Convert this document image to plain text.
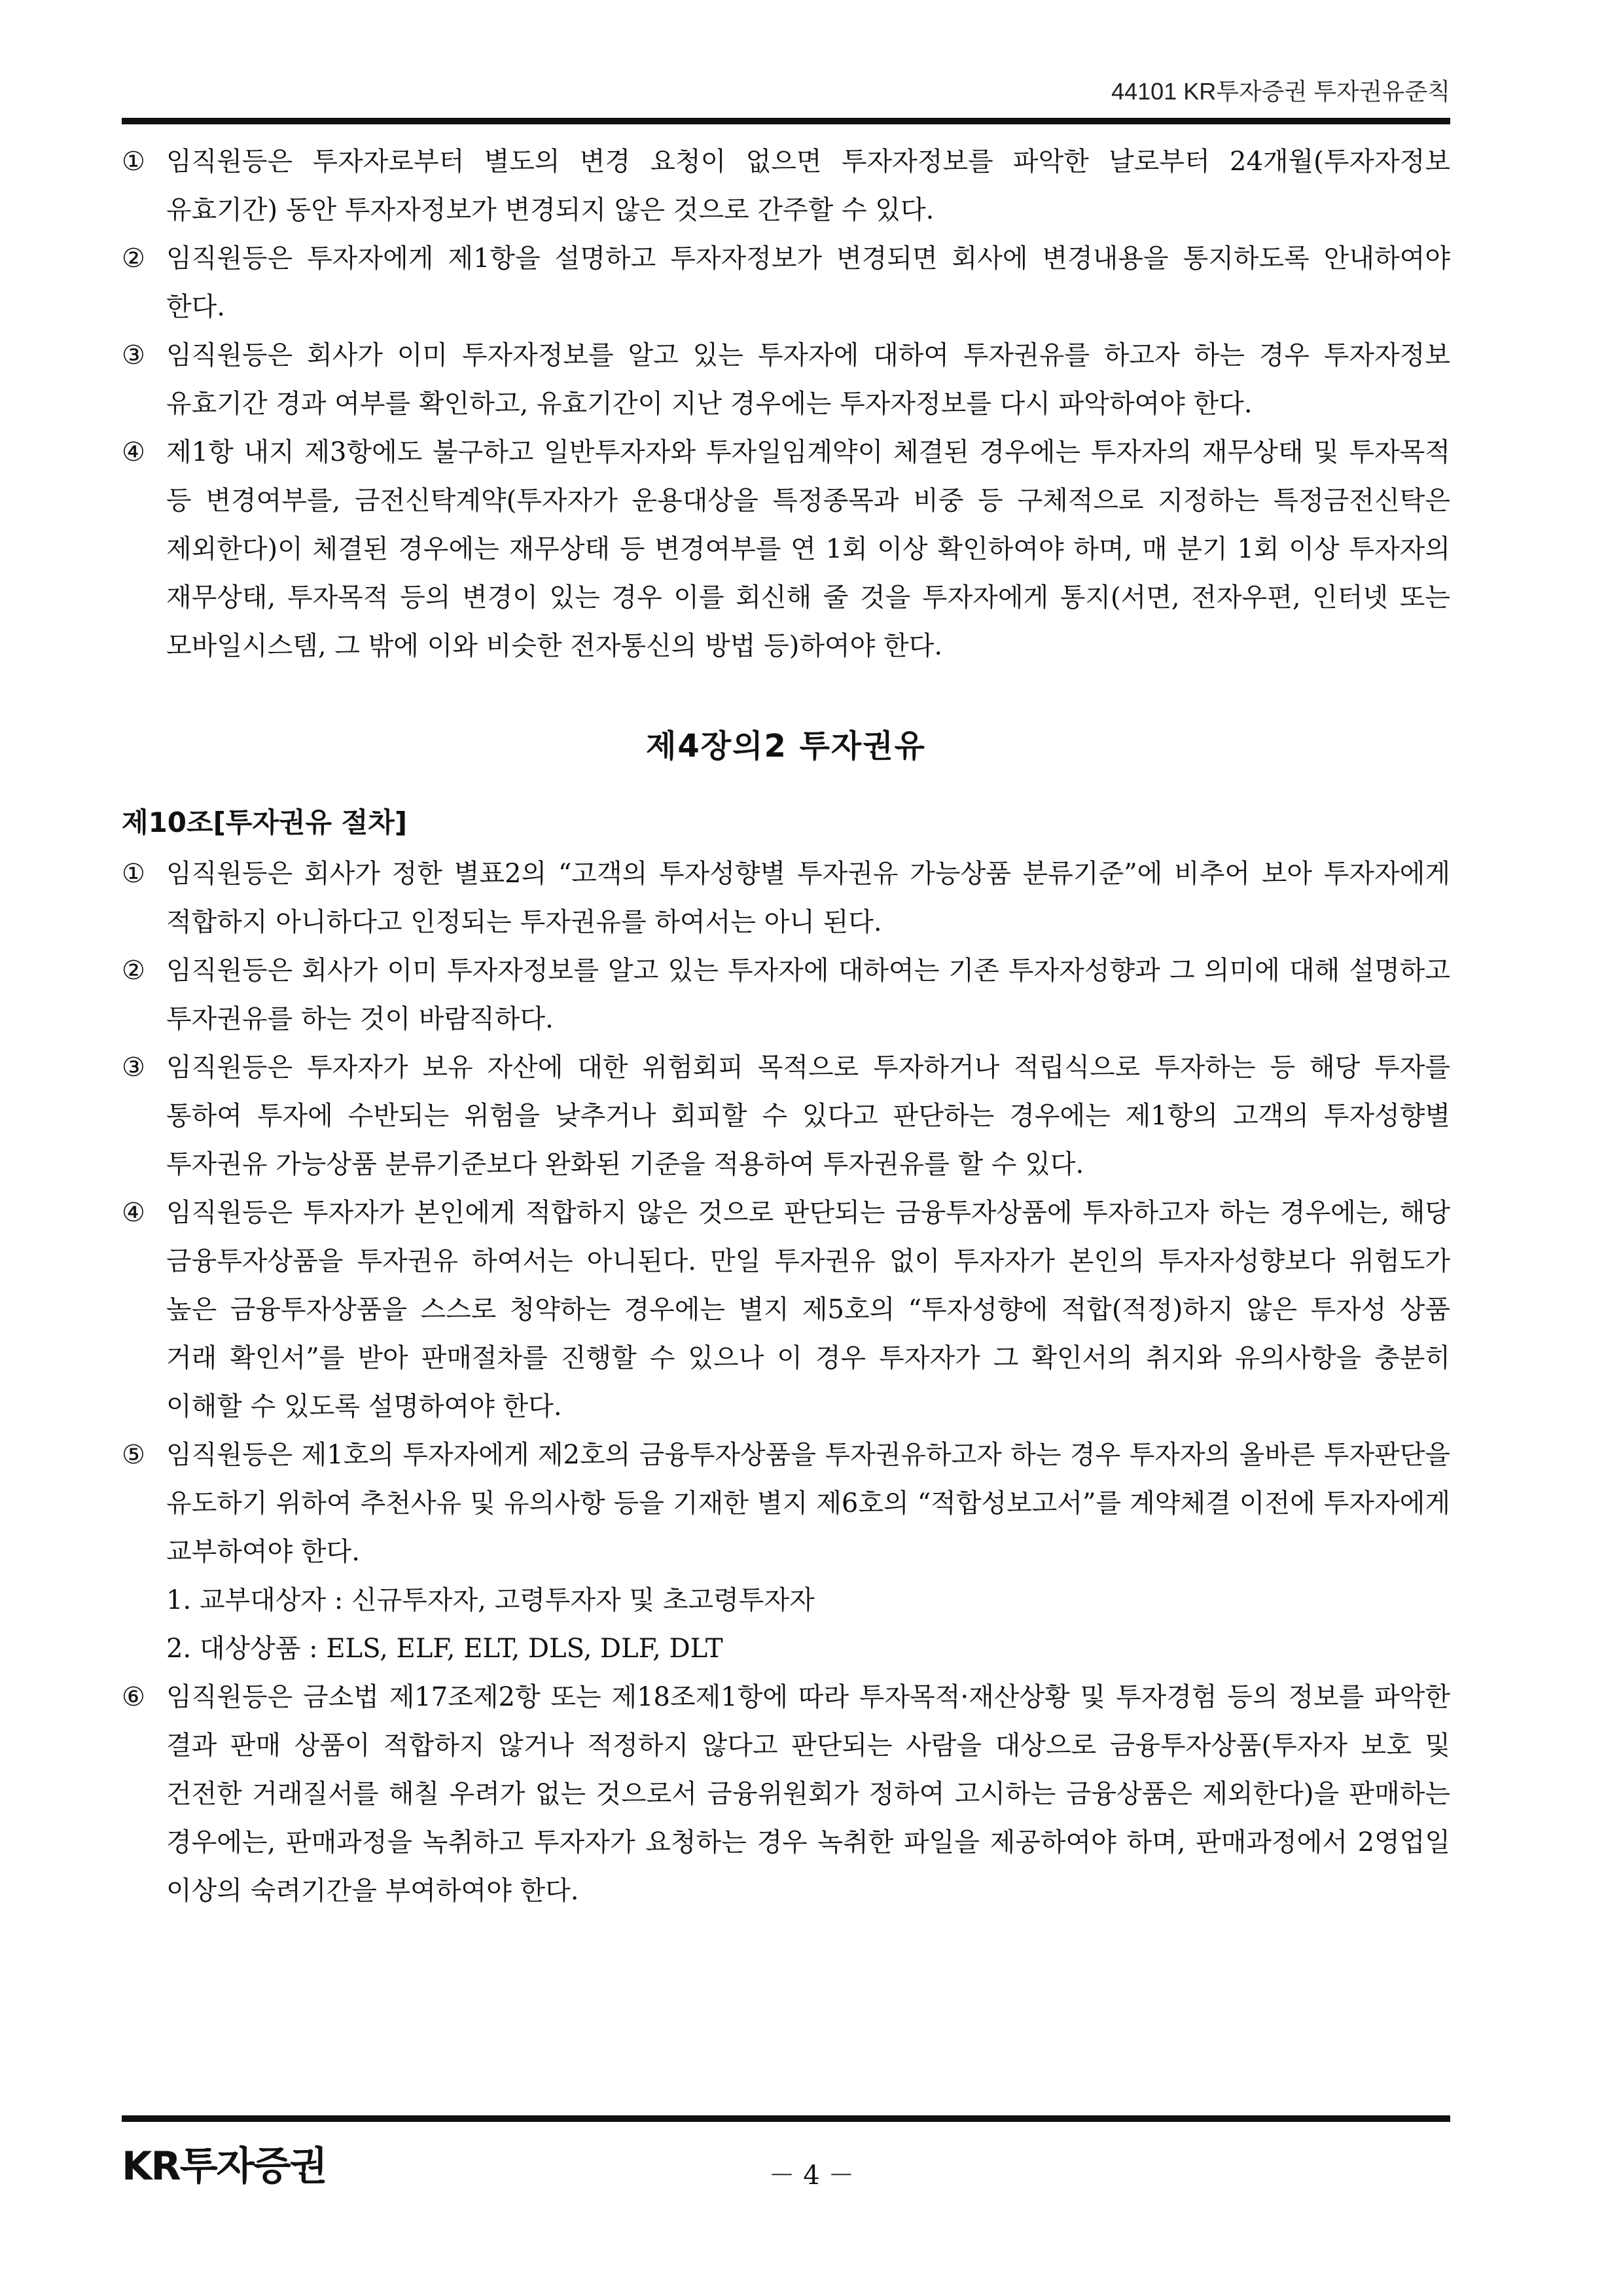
44101 KR투자증권 투자권유준칙

① 임직원등은 투자자로부터 별도의 변경 요청이 없으면 투자자정보를 파악한 날로부터 24개월(투자자정보 유효기간) 동안 투자자정보가 변경되지 않은 것으로 간주할 수 있다.

② 임직원등은 투자자에게 제1항을 설명하고 투자자정보가 변경되면 회사에 변경내용을 통지하도록 안내하여야 한다.

③ 임직원등은 회사가 이미 투자자정보를 알고 있는 투자자에 대하여 투자권유를 하고자 하는 경우 투자자정보 유효기간 경과 여부를 확인하고, 유효기간이 지난 경우에는 투자자정보를 다시 파악하여야 한다.

④ 제1항 내지 제3항에도 불구하고 일반투자자와 투자일임계약이 체결된 경우에는 투자자의 재무상태 및 투자목적 등 변경여부를, 금전신탁계약(투자자가 운용대상을 특정종목과 비중 등 구체적으로 지정하는 특정금전신탁은 제외한다)이 체결된 경우에는 재무상태 등 변경여부를 연 1회 이상 확인하여야 하며, 매 분기 1회 이상 투자자의 재무상태, 투자목적 등의 변경이 있는 경우 이를 회신해 줄 것을 투자자에게 통지(서면, 전자우편, 인터넷 또는 모바일시스템, 그 밖에 이와 비슷한 전자통신의 방법 등)하여야 한다.

제4장의2 투자권유
제10조[투자권유 절차]

① 임직원등은 회사가 정한 별표2의 “고객의 투자성향별 투자권유 가능상품 분류기준”에 비추어 보아 투자자에게 적합하지 아니하다고 인정되는 투자권유를 하여서는 아니 된다.

② 임직원등은 회사가 이미 투자자정보를 알고 있는 투자자에 대하여는 기존 투자자성향과 그 의미에 대해 설명하고 투자권유를 하는 것이 바람직하다.

③ 임직원등은 투자자가 보유 자산에 대한 위험회피 목적으로 투자하거나 적립식으로 투자하는 등 해당 투자를 통하여 투자에 수반되는 위험을 낮추거나 회피할 수 있다고 판단하는 경우에는 제1항의 고객의 투자성향별 투자권유 가능상품 분류기준보다 완화된 기준을 적용하여 투자권유를 할 수 있다.

④ 임직원등은 투자자가 본인에게 적합하지 않은 것으로 판단되는 금융투자상품에 투자하고자 하는 경우에는, 해당 금융투자상품을 투자권유 하여서는 아니된다. 만일 투자권유 없이 투자자가 본인의 투자자성향보다 위험도가 높은 금융투자상품을 스스로 청약하는 경우에는 별지 제5호의 “투자성향에 적합(적정)하지 않은 투자성 상품 거래 확인서”를 받아 판매절차를 진행할 수 있으나 이 경우 투자자가 그 확인서의 취지와 유의사항을 충분히 이해할 수 있도록 설명하여야 한다.

⑤ 임직원등은 제1호의 투자자에게 제2호의 금융투자상품을 투자권유하고자 하는 경우 투자자의 올바른 투자판단을 유도하기 위하여 추천사유 및 유의사항 등을 기재한 별지 제6호의 “적합성보고서”를 계약체결 이전에 투자자에게 교부하여야 한다.

1. 교부대상자 : 신규투자자, 고령투자자 및 초고령투자자

2. 대상상품 : ELS, ELF, ELT, DLS, DLF, DLT

⑥ 임직원등은 금소법 제17조제2항 또는 제18조제1항에 따라 투자목적·재산상황 및 투자경험 등의 정보를 파악한 결과 판매 상품이 적합하지 않거나 적정하지 않다고 판단되는 사람을 대상으로 금융투자상품(투자자 보호 및 건전한 거래질서를 해칠 우려가 없는 것으로서 금융위원회가 정하여 고시하는 금융상품은 제외한다)을 판매하는 경우에는, 판매과정을 녹취하고 투자자가 요청하는 경우 녹취한 파일을 제공하여야 하며, 판매과정에서 2영업일 이상의 숙려기간을 부여하여야 한다.

KR투자증권	－ 4 －
